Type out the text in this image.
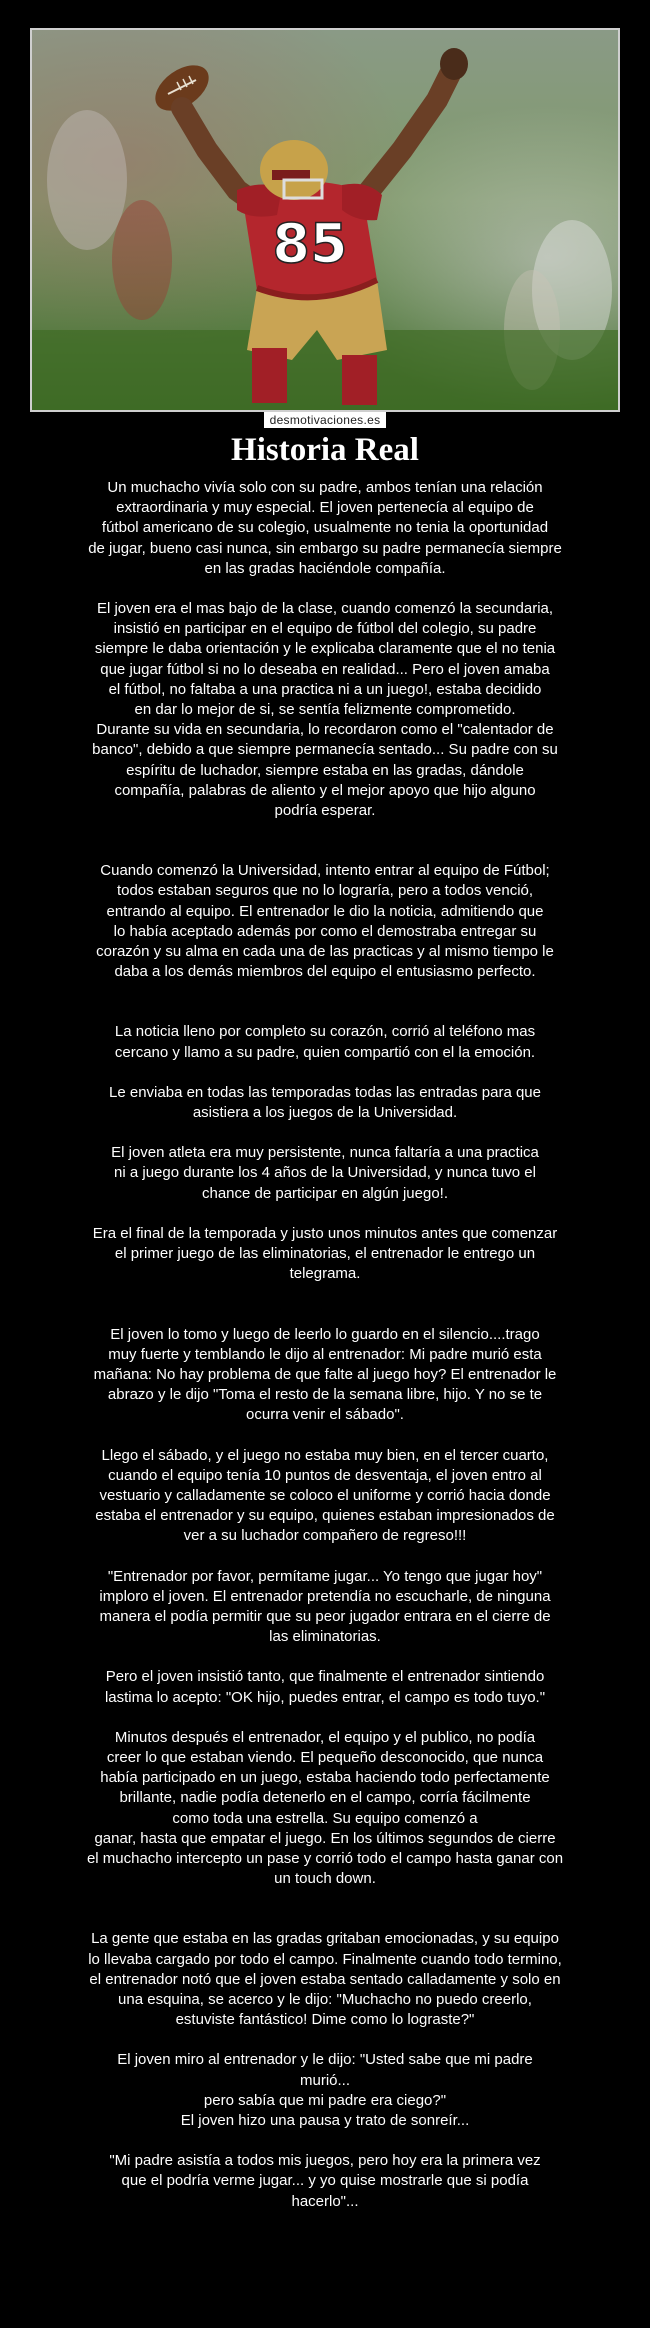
85
desmotivaciones.es
Historia Real

Un muchacho vivía solo con su padre, ambos tenían una relación
extraordinaria y muy especial. El joven pertenecía al equipo de
fútbol americano de su colegio, usualmente no tenia la oportunidad
de jugar, bueno casi nunca, sin embargo su padre permanecía siempre
en las gradas haciéndole compañía.

El joven era el mas bajo de la clase, cuando comenzó la secundaria,
insistió en participar en el equipo de fútbol del colegio, su padre
siempre le daba orientación y le explicaba claramente que el no tenia
que jugar fútbol si no lo deseaba en realidad... Pero el joven amaba
el fútbol, no faltaba a una practica ni a un juego!, estaba decidido
en dar lo mejor de si, se sentía felizmente comprometido.
Durante su vida en secundaria, lo recordaron como el "calentador de
banco", debido a que siempre permanecía sentado... Su padre con su
espíritu de luchador, siempre estaba en las gradas, dándole
compañía, palabras de aliento y el mejor apoyo que hijo alguno
podría esperar.

Cuando comenzó la Universidad, intento entrar al equipo de Fútbol;
todos estaban seguros que no lo lograría, pero a todos venció,
entrando al equipo. El entrenador le dio la noticia, admitiendo que
lo había aceptado además por como el demostraba entregar su
corazón y su alma en cada una de las practicas y al mismo tiempo le
daba a los demás miembros del equipo el entusiasmo perfecto.

La noticia lleno por completo su corazón, corrió al teléfono mas
cercano y llamo a su padre, quien compartió con el la emoción.

Le enviaba en todas las temporadas todas las entradas para que
asistiera a los juegos de la Universidad.

El joven atleta era muy persistente, nunca faltaría a una practica
ni a juego durante los 4 años de la Universidad, y nunca tuvo el
chance de participar en algún juego!.

Era el final de la temporada y justo unos minutos antes que comenzar
el primer juego de las eliminatorias, el entrenador le entrego un
telegrama.

El joven lo tomo y luego de leerlo lo guardo en el silencio....trago
muy fuerte y temblando le dijo al entrenador: Mi padre murió esta
mañana: No hay problema de que falte al juego hoy? El entrenador le
abrazo y le dijo "Toma el resto de la semana libre, hijo. Y no se te
ocurra venir el sábado".

Llego el sábado, y el juego no estaba muy bien, en el tercer cuarto,
cuando el equipo tenía 10 puntos de desventaja, el joven entro al
vestuario y calladamente se coloco el uniforme y corrió hacia donde
estaba el entrenador y su equipo, quienes estaban impresionados de
ver a su luchador compañero de regreso!!!

"Entrenador por favor, permítame jugar... Yo tengo que jugar hoy"
imploro el joven. El entrenador pretendía no escucharle, de ninguna
manera el podía permitir que su peor jugador entrara en el cierre de
las eliminatorias.

Pero el joven insistió tanto, que finalmente el entrenador sintiendo
lastima lo acepto: "OK hijo, puedes entrar, el campo es todo tuyo."

Minutos después el entrenador, el equipo y el publico, no podía
creer lo que estaban viendo. El pequeño desconocido, que nunca
había participado en un juego, estaba haciendo todo perfectamente
brillante, nadie podía detenerlo en el campo, corría fácilmente
como toda una estrella. Su equipo comenzó a
ganar, hasta que empatar el juego. En los últimos segundos de cierre
el muchacho intercepto un pase y corrió todo el campo hasta ganar con
un touch down.

La gente que estaba en las gradas gritaban emocionadas, y su equipo
lo llevaba cargado por todo el campo. Finalmente cuando todo termino,
el entrenador notó que el joven estaba sentado calladamente y solo en
una esquina, se acerco y le dijo: "Muchacho no puedo creerlo,
estuviste fantástico! Dime como lo lograste?"

El joven miro al entrenador y le dijo: "Usted sabe que mi padre
murió...
pero sabía que mi padre era ciego?"
El joven hizo una pausa y trato de sonreír...

"Mi padre asistía a todos mis juegos, pero hoy era la primera vez
que el podría verme jugar... y yo quise mostrarle que si podía
hacerlo"...
